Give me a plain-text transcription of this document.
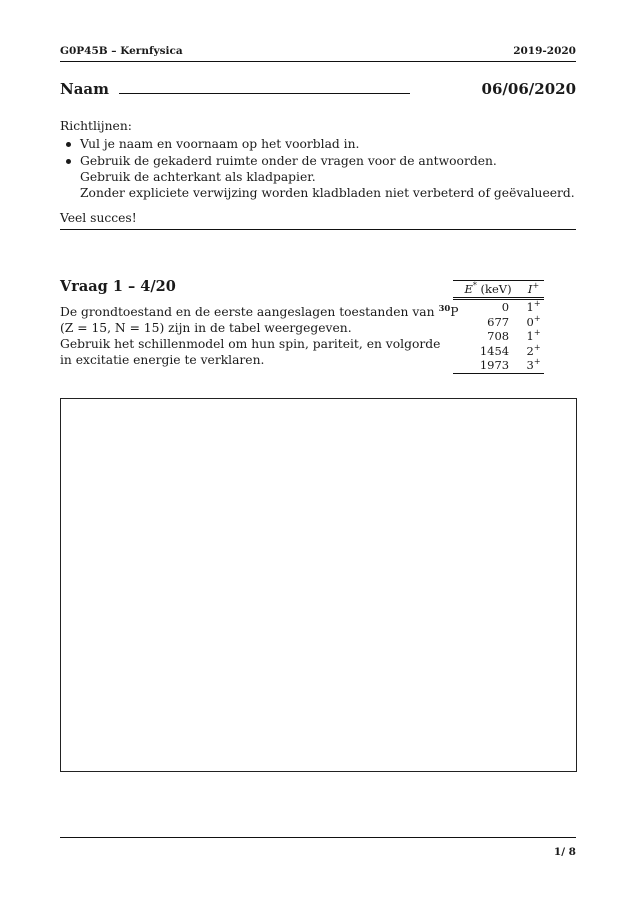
G0P45B – Kernfysica	2019-2020
Naam	06/06/2020
Richtlijnen:
Vul je naam en voornaam op het voorblad in.
Gebruik de gekaderd ruimte onder de vragen voor de antwoorden.
Gebruik de achterkant als kladpapier.
Zonder expliciete verwijzing worden kladbladen niet verbeterd of geëvalueerd.
Veel succes!
Vraag 1 – 4/20
De grondtoestand en de eerste aangeslagen toestanden van $^{30}$P
(Z = 15, N = 15) zijn in de tabel weergegeven.
Gebruik het schillenmodel om hun spin, pariteit, en volgorde
in excitatie energie te verklaren.
E* (keV)	I+
0	1+
677	0+
708	1+
1454	2+
1973	3+
1/ 8
